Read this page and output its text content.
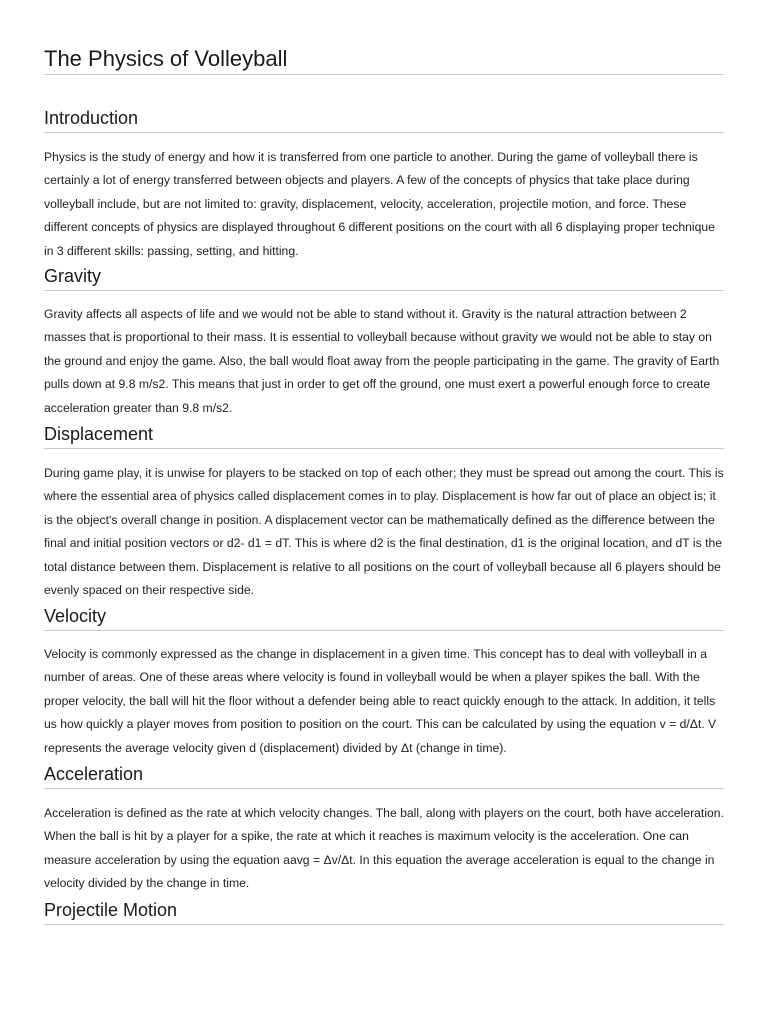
The Physics of Volleyball
Introduction

Physics is the study of energy and how it is transferred from one particle to another. During the game of volleyball there is certainly a lot of energy transferred between objects and players. A few of the concepts of physics that take place during volleyball include, but are not limited to: gravity, displacement, velocity, acceleration, projectile motion, and force. These different concepts of physics are displayed throughout 6 different positions on the court with all 6 displaying proper technique in 3 different skills: passing, setting, and hitting.

Gravity

Gravity affects all aspects of life and we would not be able to stand without it. Gravity is the natural attraction between 2 masses that is proportional to their mass. It is essential to volleyball because without gravity we would not be able to stay on the ground and enjoy the game. Also, the ball would float away from the people participating in the game. The gravity of Earth pulls down at 9.8 m/s2. This means that just in order to get off the ground, one must exert a powerful enough force to create acceleration greater than 9.8 m/s2.

Displacement

During game play, it is unwise for players to be stacked on top of each other; they must be spread out among the court. This is where the essential area of physics called displacement comes in to play. Displacement is how far out of place an object is; it is the object's overall change in position. A displacement vector can be mathematically defined as the difference between the final and initial position vectors or d2- d1 = dT. This is where d2 is the final destination, d1 is the original location, and dT is the total distance between them. Displacement is relative to all positions on the court of volleyball because all 6 players should be evenly spaced on their respective side.

Velocity

Velocity is commonly expressed as the change in displacement in a given time. This concept has to deal with volleyball in a number of areas. One of these areas where velocity is found in volleyball would be when a player spikes the ball. With the proper velocity, the ball will hit the floor without a defender being able to react quickly enough to the attack. In addition, it tells us how quickly a player moves from position to position on the court. This can be calculated by using the equation v = d/Δt. V represents the average velocity given d (displacement) divided by Δt (change in time).

Acceleration

Acceleration is defined as the rate at which velocity changes. The ball, along with players on the court, both have acceleration. When the ball is hit by a player for a spike, the rate at which it reaches is maximum velocity is the acceleration. One can measure acceleration by using the equation aavg = Δv/Δt. In this equation the average acceleration is equal to the change in velocity divided by the change in time.

Projectile Motion
